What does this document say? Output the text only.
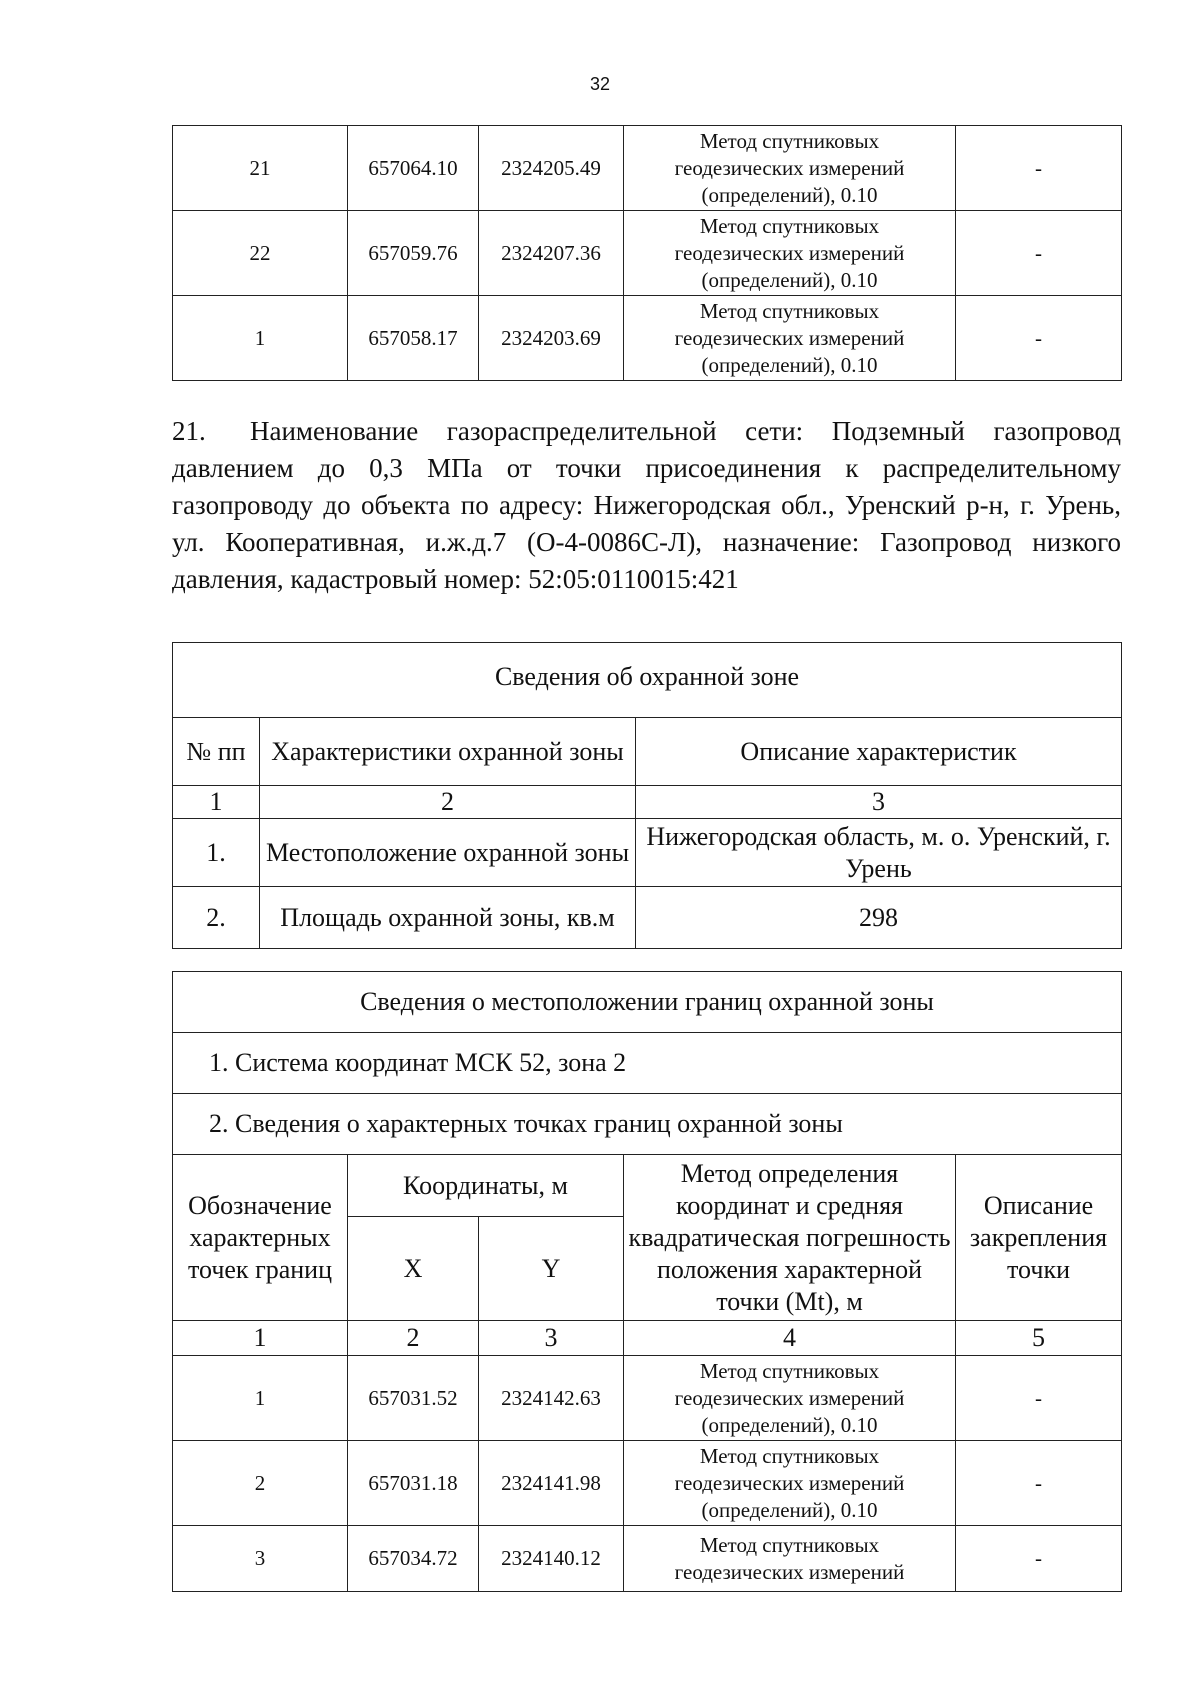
32
21	657064.10	2324205.49	Метод спутниковых
геодезических измерений
(определений), 0.10	-
22	657059.76	2324207.36	Метод спутниковых
геодезических измерений
(определений), 0.10	-
1	657058.17	2324203.69	Метод спутниковых
геодезических измерений
(определений), 0.10	-
21. Наименование газораспределительной сети: Подземный газопровод давлением до 0,3 МПа от точки присоединения к распределительному газопроводу до объекта по адресу: Нижегородская обл., Уренский р-н, г. Урень, ул. Кооперативная, и.ж.д.7 (О-4-0086С-Л), назначение: Газопровод низкого давления, кадастровый номер: 52:05:0110015:421
Сведения об охранной зоне		
№ пп	Характеристики охранной зоны	Описание характеристик
1	2	3
1.	Местоположение охранной зоны	Нижегородская область, м. о. Уренский, г. Урень
2.	Площадь охранной зоны, кв.м	298
Сведения о местоположении границ охранной зоны				
1. Система координат МСК 52, зона 2				
2. Сведения о характерных точках границ охранной зоны				
Обозначение характерных точек границ	Координаты, м		Метод определения координат и средняя квадратическая погрешность положения характерной точки (Mt), м	Описание закрепления точки
	X	Y		
1	2	3	4	5
1	657031.52	2324142.63	Метод спутниковых
геодезических измерений
(определений), 0.10	-
2	657031.18	2324141.98	Метод спутниковых
геодезических измерений
(определений), 0.10	-
3	657034.72	2324140.12	Метод спутниковых
геодезических измерений	-
